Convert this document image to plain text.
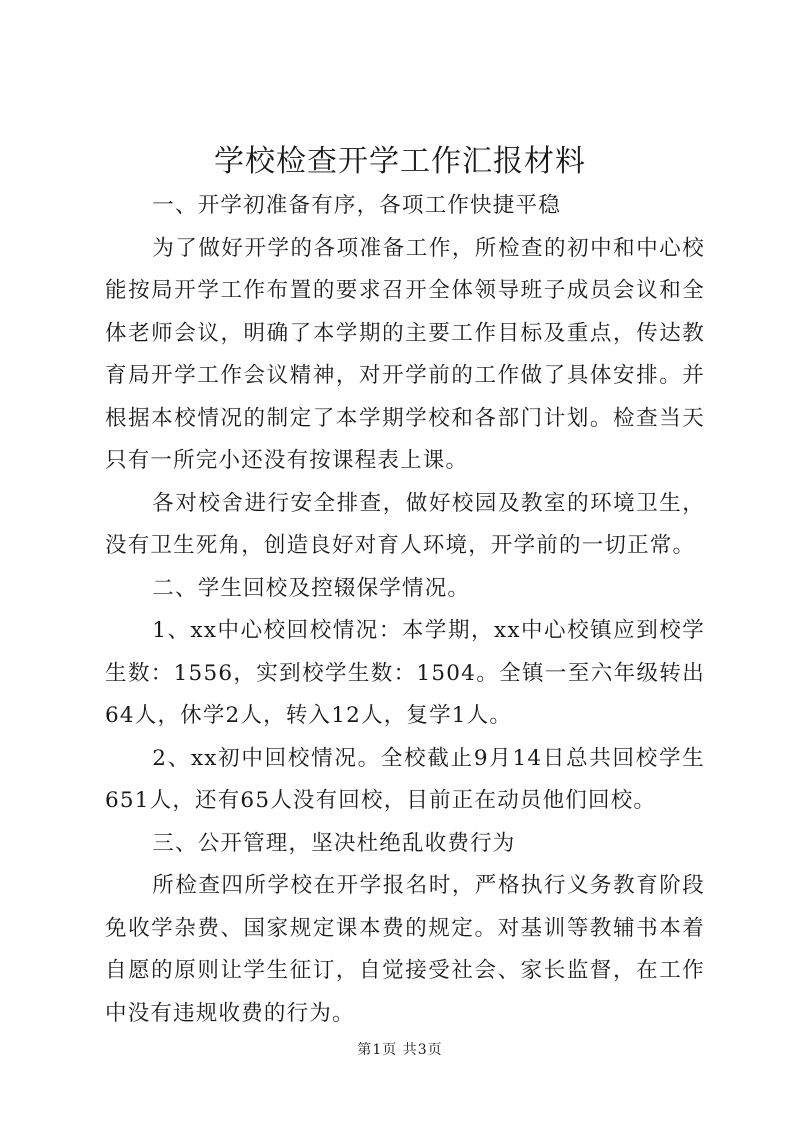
学校检查开学工作汇报材料

一、开学初准备有序，各项工作快捷平稳

为了做好开学的各项准备工作，所检查的初中和中心校能按局开学工作布置的要求召开全体领导班子成员会议和全体老师会议，明确了本学期的主要工作目标及重点，传达教育局开学工作会议精神，对开学前的工作做了具体安排。并根据本校情况的制定了本学期学校和各部门计划。检查当天只有一所完小还没有按课程表上课。

各对校舍进行安全排查，做好校园及教室的环境卫生，没有卫生死角，创造良好对育人环境，开学前的一切正常。

二、学生回校及控辍保学情况。

1、xx中心校回校情况：本学期，xx中心校镇应到校学生数：1556，实到校学生数：1504。全镇一至六年级转出64人，休学2人，转入12人，复学1人。

2、xx初中回校情况。全校截止9月14日总共回校学生651人，还有65人没有回校，目前正在动员他们回校。

三、公开管理，坚决杜绝乱收费行为

所检查四所学校在开学报名时，严格执行义务教育阶段免收学杂费、国家规定课本费的规定。对基训等教辅书本着自愿的原则让学生征订，自觉接受社会、家长监督，在工作中没有违规收费的行为。

第1页 共3页
